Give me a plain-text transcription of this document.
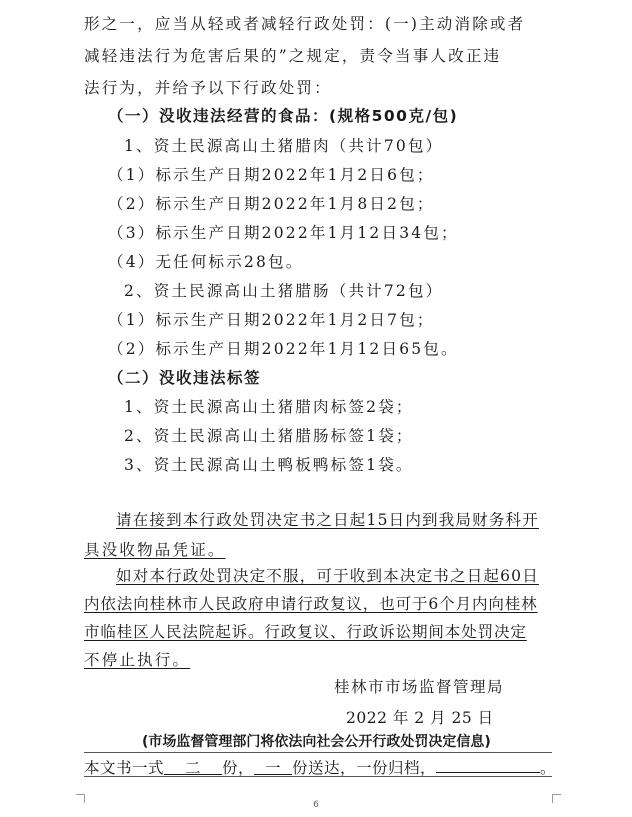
形之一，应当从轻或者减轻行政处罚：(一)主动消除或者
减轻违法行为危害后果的”之规定，责令当事人改正违
法行为，并给予以下行政处罚：
（一）没收违法经营的食品：(规格500克/包)
1、资土民源高山土猪腊肉（共计70包）
（1）标示生产日期2022年1月2日6包；
（2）标示生产日期2022年1月8日2包；
（3）标示生产日期2022年1月12日34包；
（4）无任何标示28包。
2、资土民源高山土猪腊肠（共计72包）
（1）标示生产日期2022年1月2日7包；
（2）标示生产日期2022年1月12日65包。
（二）没收违法标签
1、资土民源高山土猪腊肉标签2袋；
2、资土民源高山土猪腊肠标签1袋；
3、资土民源高山土鸭板鸭标签1袋。
请在接到本行政处罚决定书之日起15日内到我局财务科开
具没收物品凭证。
如对本行政处罚决定不服，可于收到本决定书之日起60日
内依法向桂林市人民政府申请行政复议，也可于6个月内向桂林
市临桂区人民法院起诉。行政复议、行政诉讼期间本处罚决定
不停止执行。
桂林市市场监督管理局
2022 年 2 月 25 日
(市场监督管理部门将依法向社会公开行政处罚决定信息)
本文书一式 二 份， 一 份送达，一份归档，	。
6
